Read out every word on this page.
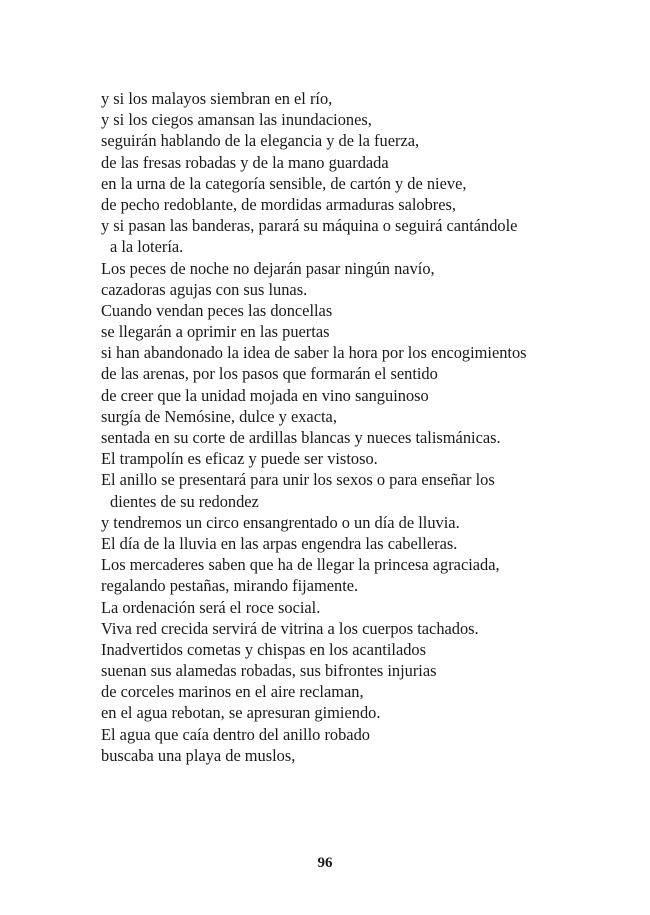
y si los malayos siembran en el río,
y si los ciegos amansan las inundaciones,
seguirán hablando de la elegancia y de la fuerza,
de las fresas robadas y de la mano guardada
en la urna de la categoría sensible, de cartón y de nieve,
de pecho redoblante, de mordidas armaduras salobres,
y si pasan las banderas, parará su máquina o seguirá cantándole
a la lotería.
Los peces de noche no dejarán pasar ningún navío,
cazadoras agujas con sus lunas.
Cuando vendan peces las doncellas
se llegarán a oprimir en las puertas
si han abandonado la idea de saber la hora por los encogimientos
de las arenas, por los pasos que formarán el sentido
de creer que la unidad mojada en vino sanguinoso
surgía de Nemósine, dulce y exacta,
sentada en su corte de ardillas blancas y nueces talismánicas.
El trampolín es eficaz y puede ser vistoso.
El anillo se presentará para unir los sexos o para enseñar los
dientes de su redondez
y tendremos un circo ensangrentado o un día de lluvia.
El día de la lluvia en las arpas engendra las cabelleras.
Los mercaderes saben que ha de llegar la princesa agraciada,
regalando pestañas, mirando fijamente.
La ordenación será el roce social.
Viva red crecida servirá de vitrina a los cuerpos tachados.
Inadvertidos cometas y chispas en los acantilados
suenan sus alamedas robadas, sus bifrontes injurias
de corceles marinos en el aire reclaman,
en el agua rebotan, se apresuran gimiendo.
El agua que caía dentro del anillo robado
buscaba una playa de muslos,
96
